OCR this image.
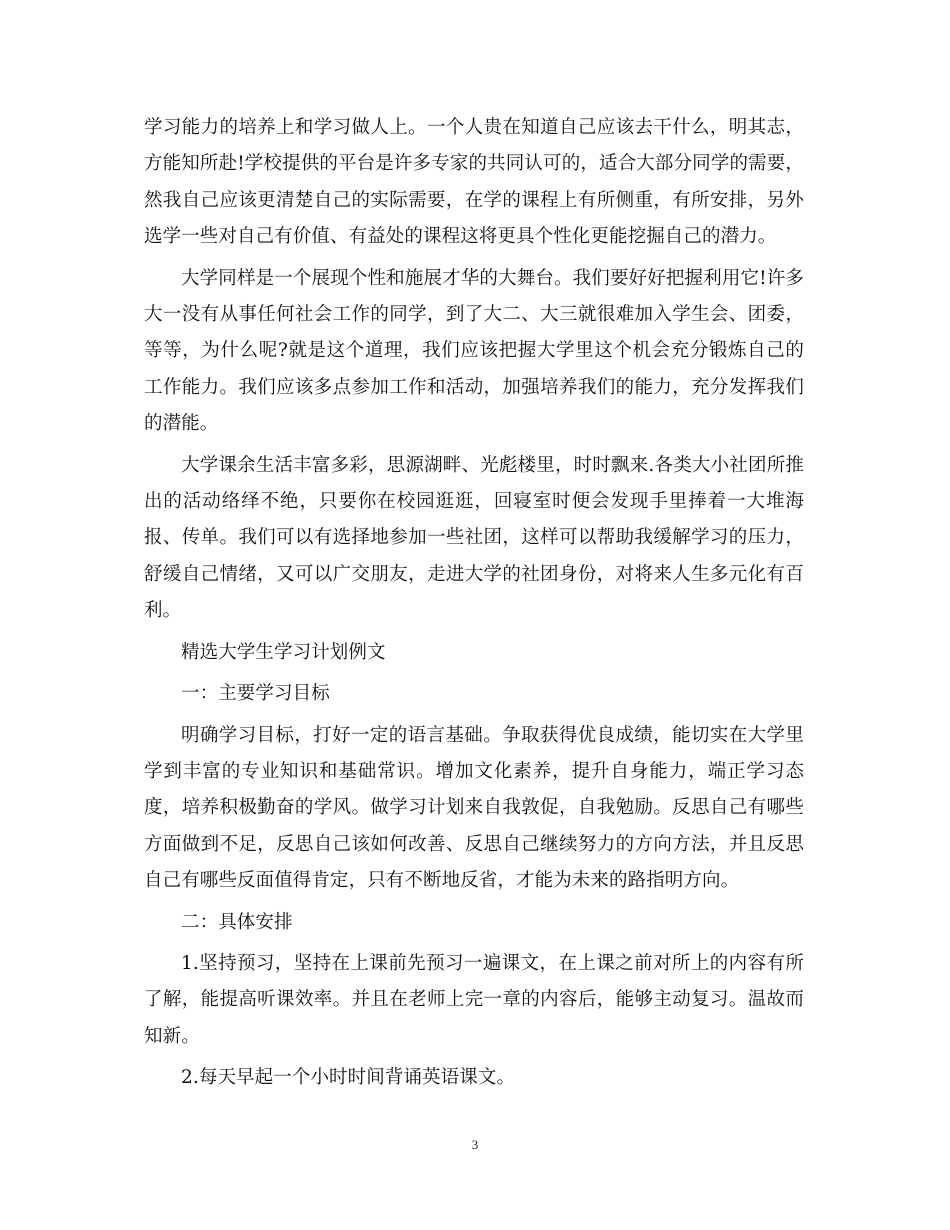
学习能力的培养上和学习做人上。一个人贵在知道自己应该去干什么，明其志，方能知所赴!学校提供的平台是许多专家的共同认可的，适合大部分同学的需要，然我自己应该更清楚自己的实际需要，在学的课程上有所侧重，有所安排，另外选学一些对自己有价值、有益处的课程这将更具个性化更能挖掘自己的潜力。

大学同样是一个展现个性和施展才华的大舞台。我们要好好把握利用它!许多大一没有从事任何社会工作的同学，到了大二、大三就很难加入学生会、团委，等等，为什么呢?就是这个道理，我们应该把握大学里这个机会充分锻炼自己的工作能力。我们应该多点参加工作和活动，加强培养我们的能力，充分发挥我们的潜能。

大学课余生活丰富多彩，思源湖畔、光彪楼里，时时飘来.各类大小社团所推出的活动络绎不绝，只要你在校园逛逛，回寝室时便会发现手里捧着一大堆海报、传单。我们可以有选择地参加一些社团，这样可以帮助我缓解学习的压力，舒缓自己情绪，又可以广交朋友，走进大学的社团身份，对将来人生多元化有百利。

精选大学生学习计划例文

一：主要学习目标

明确学习目标，打好一定的语言基础。争取获得优良成绩，能切实在大学里学到丰富的专业知识和基础常识。增加文化素养，提升自身能力，端正学习态度，培养积极勤奋的学风。做学习计划来自我敦促，自我勉励。反思自己有哪些方面做到不足，反思自己该如何改善、反思自己继续努力的方向方法，并且反思自己有哪些反面值得肯定，只有不断地反省，才能为未来的路指明方向。

二：具体安排

1.坚持预习，坚持在上课前先预习一遍课文，在上课之前对所上的内容有所了解，能提高听课效率。并且在老师上完一章的内容后，能够主动复习。温故而知新。

2.每天早起一个小时时间背诵英语课文。

3
